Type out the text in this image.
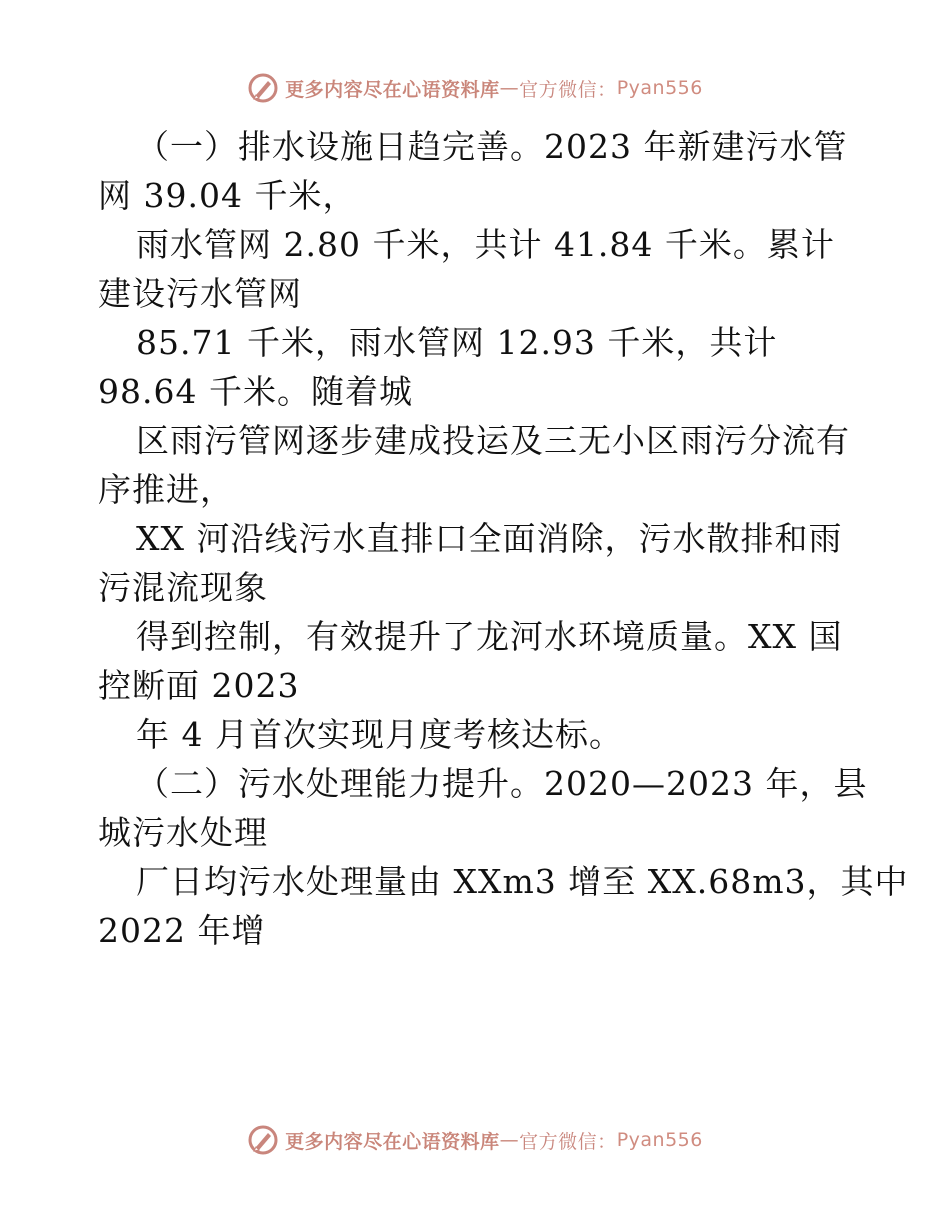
更多内容尽在心语资料库 — 官方微信： Pyan556
（一）排水设施日趋完善。2023 年新建污水管
网 39.04 千米，
雨水管网 2.80 千米，共计 41.84 千米。累计
建设污水管网
85.71 千米，雨水管网 12.93 千米，共计
98.64 千米。随着城
区雨污管网逐步建成投运及三无小区雨污分流有
序推进，
XX 河沿线污水直排口全面消除，污水散排和雨
污混流现象
得到控制，有效提升了龙河水环境质量。XX 国
控断面 2023
年 4 月首次实现月度考核达标。
（二）污水处理能力提升。2020—2023 年，县
城污水处理
厂日均污水处理量由 XXm3 增至 XX.68m3，其中
2022 年增
更多内容尽在心语资料库 — 官方微信： Pyan556
